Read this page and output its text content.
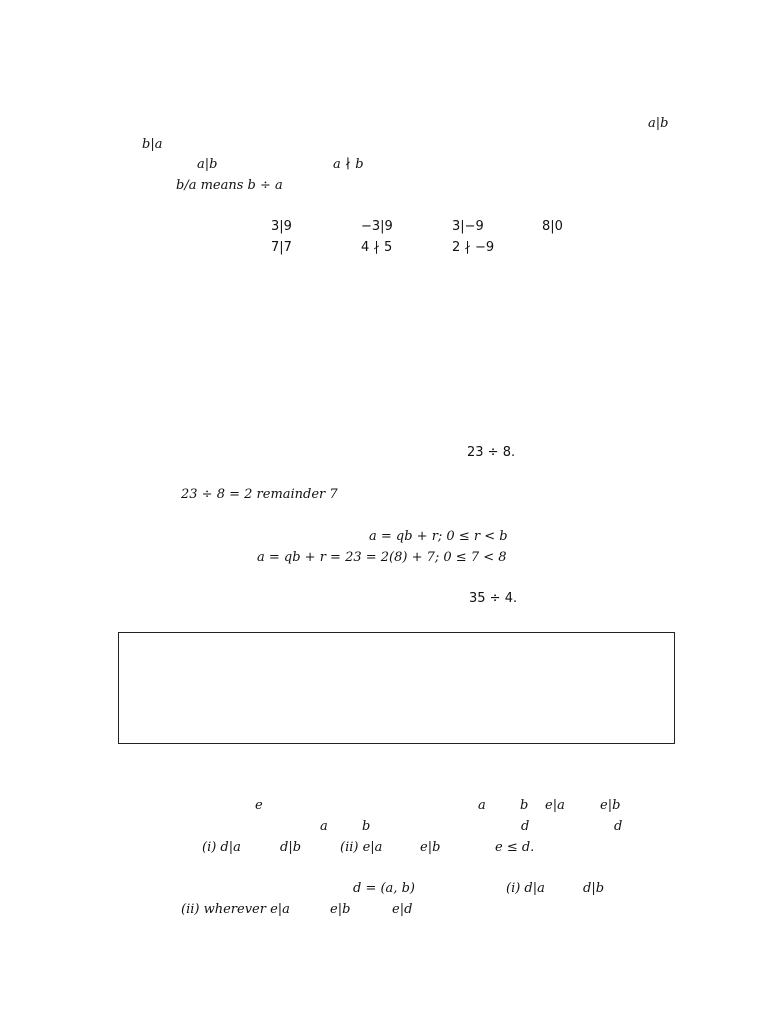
a|b
b|a
a|b	a ∤ b
b/a means b ÷ a
3|9	−3|9	3|−9	8|0
7|7	4 ∤ 5	2 ∤ −9
23 ÷ 8.
23 ÷ 8 = 2 remainder 7
a = qb + r; 0 ≤ r < b
a = qb + r = 23 = 2(8) + 7; 0 ≤ 7 < 8
35 ÷ 4.
e	a	b e|a	e|b
a	b	d	d
(i) d|a	d|b	(ii) e|a	e|b	e ≤ d.
d = (a, b)	(i) d|a	d|b
(ii) wherever e|a	e|b	e|d
